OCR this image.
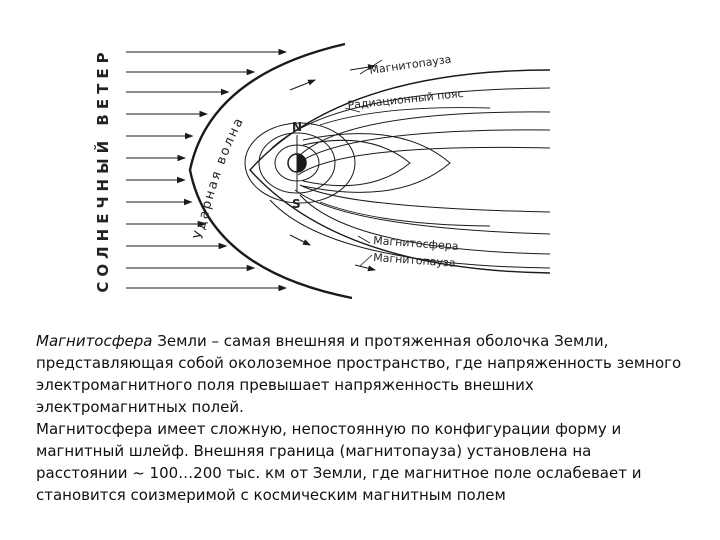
СОЛНЕЧНЫЙ ВЕТЕР	Ударная волна
Магнитопауза
Радиационный пояс
N
S
Магнитосфера
Магнитопауза

Магнитосфера Земли – самая внешняя и протяженная оболочка Земли, представляющая собой околоземное пространство, где напряженность земного электромагнитного поля превышает напряженность внешних электромагнитных полей.

Магнитосфера имеет сложную, непостоянную по конфигурации форму и магнитный шлейф. Внешняя граница (магнитопауза) установлена на расстоянии ~ 100…200 тыс. км от Земли, где магнитное поле ослабевает и становится соизмеримой с космическим магнитным полем
